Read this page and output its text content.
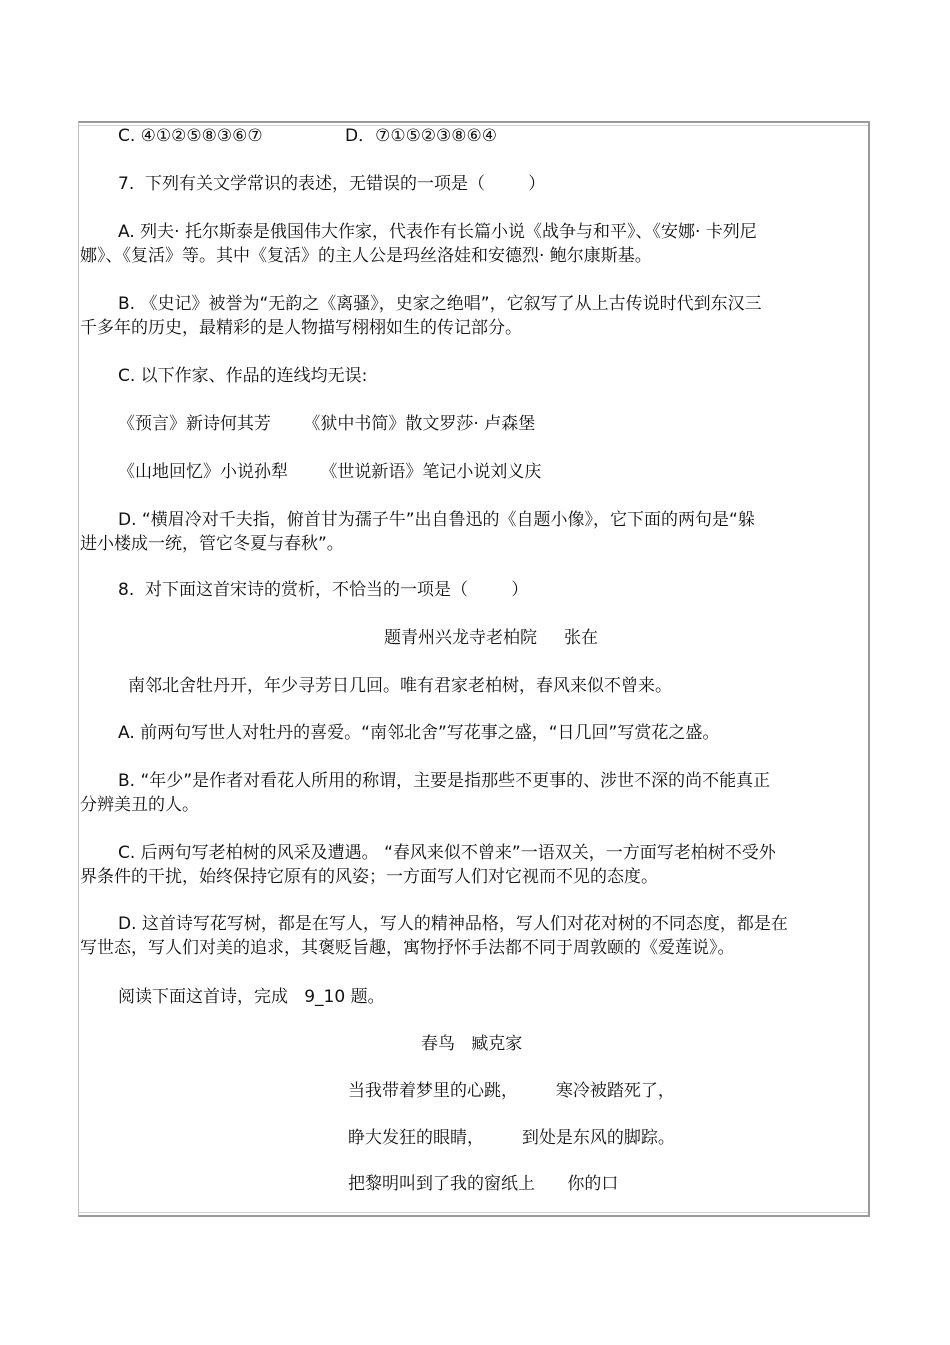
C. ④①②⑤⑧③⑥⑦	D．⑦①⑤②③⑧⑥④
7.  下列有关文学常识的表述，无错误的一项是（        ）
A. 列夫· 托尔斯泰是俄国伟大作家，代表作有长篇小说《战争与和平》、《安娜· 卡列尼
娜》、《复活》等。其中《复活》的主人公是玛丝洛娃和安德烈· 鲍尔康斯基。
B. 《史记》被誉为“无韵之《离骚》，史家之绝唱”，它叙写了从上古传说时代到东汉三
千多年的历史，最精彩的是人物描写栩栩如生的传记部分。
C. 以下作家、作品的连线均无误:
《预言》新诗何其芳      《狱中书简》散文罗莎· 卢森堡
《山地回忆》小说孙犁      《世说新语》笔记小说刘义庆
D. “横眉冷对千夫指，俯首甘为孺子牛”出自鲁迅的《自题小像》，它下面的两句是“躲
进小楼成一统，管它冬夏与春秋”。
8.  对下面这首宋诗的赏析，不恰当的一项是（        ）
题青州兴龙寺老柏院     张在
南邻北舍牡丹开，年少寻芳日几回。唯有君家老柏树，春风来似不曾来。
A. 前两句写世人对牡丹的喜爱。“南邻北舍”写花事之盛，“日几回”写赏花之盛。
B. “年少”是作者对看花人所用的称谓，主要是指那些不更事的、涉世不深的尚不能真正
分辨美丑的人。
C. 后两句写老柏树的风采及遭遇。 “春风来似不曾来”一语双关，一方面写老柏树不受外
界条件的干扰，始终保持它原有的风姿；一方面写人们对它视而不见的态度。
D. 这首诗写花写树，都是在写人，写人的精神品格，写人们对花对树的不同态度，都是在
写世态，写人们对美的追求，其褒贬旨趣，寓物抒怀手法都不同于周敦颐的《爱莲说》。
阅读下面这首诗，完成   9_10 题。
春鸟   臧克家
当我带着梦里的心跳，       寒冷被踏死了，
睁大发狂的眼睛，       到处是东风的脚踪。
把黎明叫到了我的窗纸上      你的口
